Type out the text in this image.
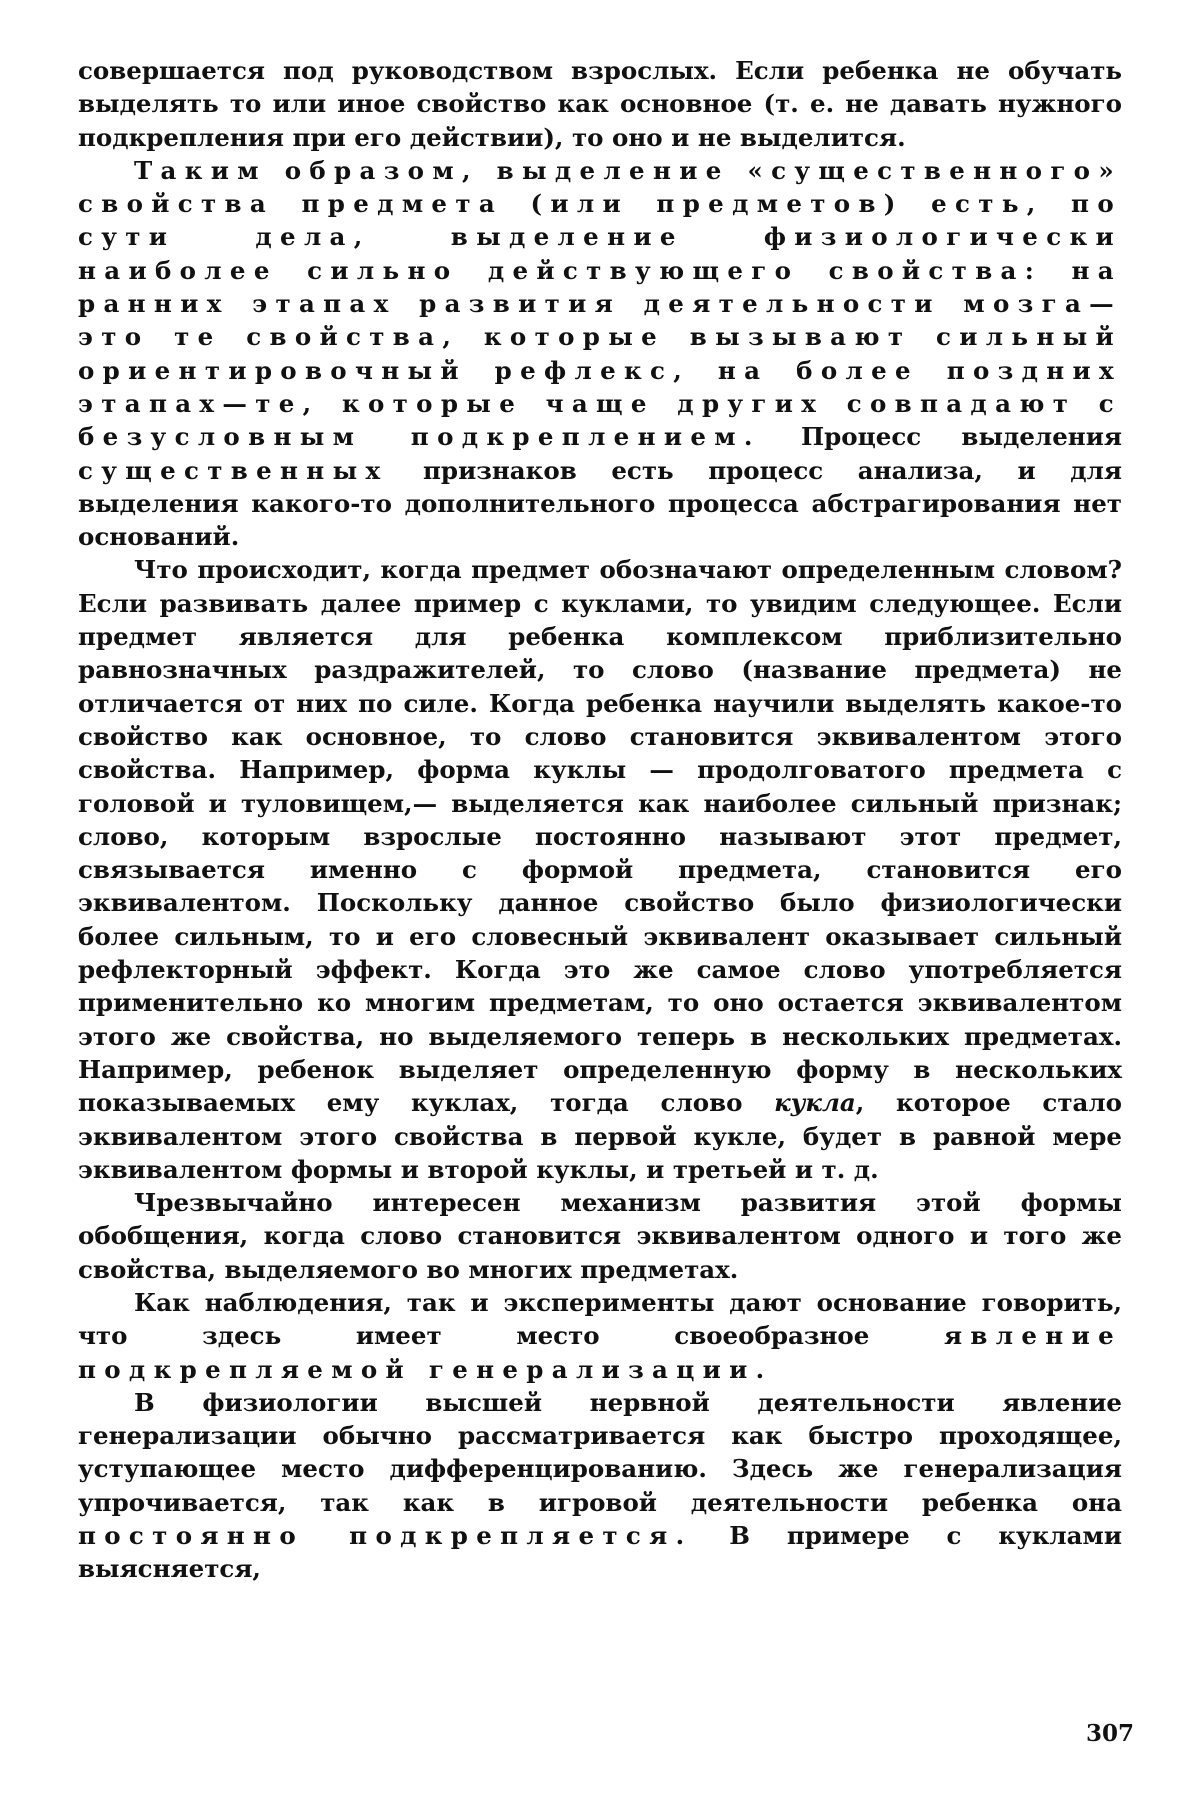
совершается под руководством взрослых. Если ребенка не обучать выделять то или иное свойство как основное (т. е. не давать нужного подкрепления при его действии), то оно и не выделится.

Таким образом, выделение «существенного» свойства предмета (или предметов) есть, по сути дела, выделение физиологически наиболее сильно действующего свойства: на ранних этапах развития деятельности мозга—это те свойства, которые вызывают сильный ориентировочный рефлекс, на более поздних этапах—те, которые чаще других совпадают с безусловным подкреплением. Процесс выделения существенных признаков есть процесс анализа, и для выделения какого-то дополнительного процесса абстрагирования нет оснований.

Что происходит, когда предмет обозначают определенным словом? Если развивать далее пример с куклами, то увидим следующее. Если предмет является для ребенка комплексом приблизительно равнозначных раздражителей, то слово (название предмета) не отличается от них по силе. Когда ребенка научили выделять какое-то свойство как основное, то слово становится эквивалентом этого свойства. Например, форма куклы — продолговатого предмета с головой и туловищем,— выделяется как наиболее сильный признак; слово, которым взрослые постоянно называют этот предмет, связывается именно с формой предмета, становится его эквивалентом. Поскольку данное свойство было физиологически более сильным, то и его словесный эквивалент оказывает сильный рефлекторный эффект. Когда это же самое слово употребляется применительно ко многим предметам, то оно остается эквивалентом этого же свойства, но выделяемого теперь в нескольких предметах. Например, ребенок выделяет определенную форму в нескольких показываемых ему куклах, тогда слово кукла, которое стало эквивалентом этого свойства в первой кукле, будет в равной мере эквивалентом формы и второй куклы, и третьей и т. д.

Чрезвычайно интересен механизм развития этой формы обобщения, когда слово становится эквивалентом одного и того же свойства, выделяемого во многих предметах.

Как наблюдения, так и эксперименты дают основание говорить, что здесь имеет место своеобразное явление подкрепляемой генерализации.

В физиологии высшей нервной деятельности явление генерализации обычно рассматривается как быстро проходящее, уступающее место дифференцированию. Здесь же генерализация упрочивается, так как в игровой деятельности ребенка она постоянно подкрепляется. В примере с куклами выясняется,

307
